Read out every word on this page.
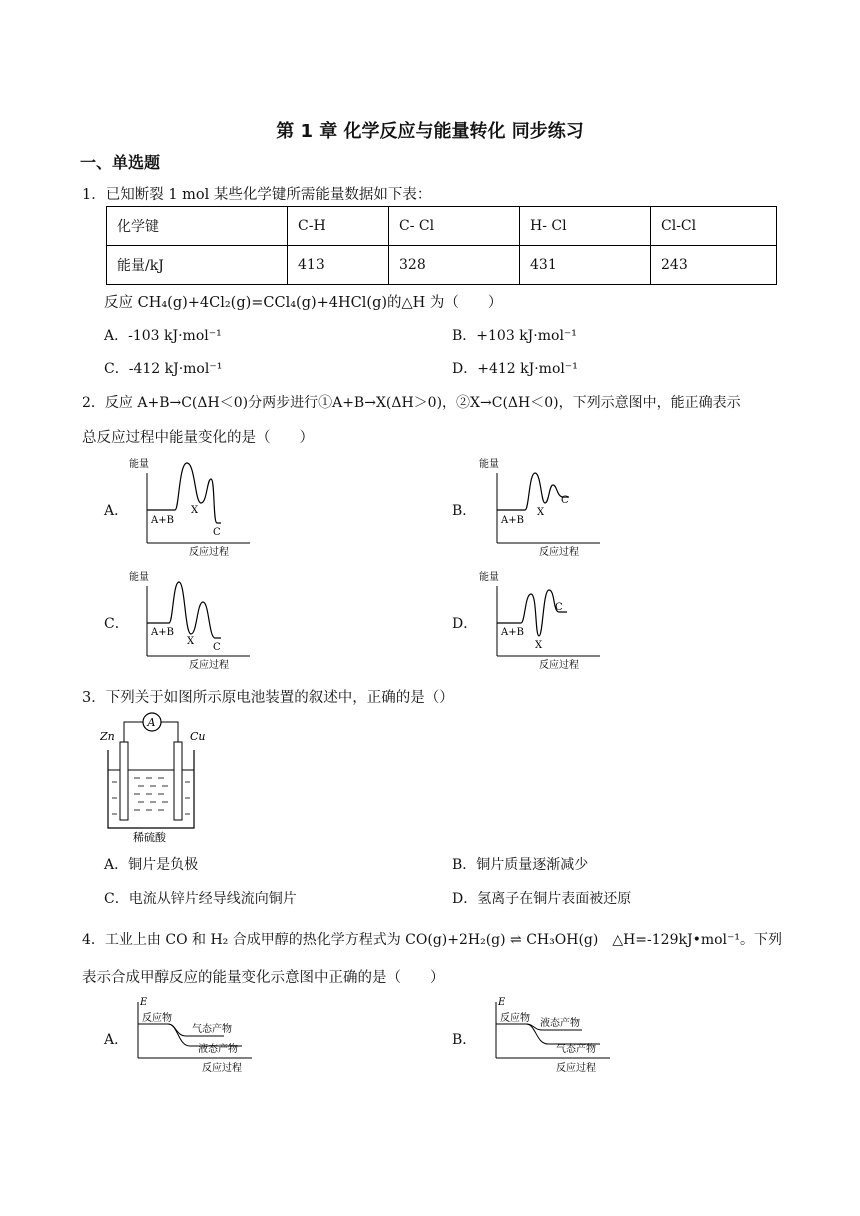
第 1 章 化学反应与能量转化 同步练习
一、单选题
1．已知断裂 1 mol 某些化学键所需能量数据如下表：
化学键	C-H	C- Cl	H- Cl	Cl-Cl
能量/kJ	413	328	431	243
反应 CH₄(g)+4Cl₂(g)=CCl₄(g)+4HCl(g)的△H 为（　　）
A．-103 kJ·mol⁻¹	B．+103 kJ·mol⁻¹
C．-412 kJ·mol⁻¹	D．+412 kJ·mol⁻¹
2．反应 A+B→C(ΔH＜0)分两步进行①A+B→X(ΔH＞0)，②X→C(ΔH＜0)，下列示意图中，能正确表示
总反应过程中能量变化的是（　　）
A．	B．
C．	D．
能量
A+B
X
C
反应过程
能量
A+B
X
C
反应过程
能量
A+B
X
C
反应过程
能量
A+B
X
C
反应过程
3．下列关于如图所示原电池装置的叙述中，正确的是（）
A
Zn	Cu
稀硫酸
A．铜片是负极	B．铜片质量逐渐减少
C．电流从锌片经导线流向铜片	D．氢离子在铜片表面被还原
4．工业上由 CO 和 H₂ 合成甲醇的热化学方程式为 CO(g)+2H₂(g) ⇌ CH₃OH(g)　△H=-129kJ•mol⁻¹。下列
表示合成甲醇反应的能量变化示意图中正确的是（　　）
A．	B．
E
反应物
气态产物
液态产物
反应过程
E
反应物 液态产物
气态产物
反应过程
